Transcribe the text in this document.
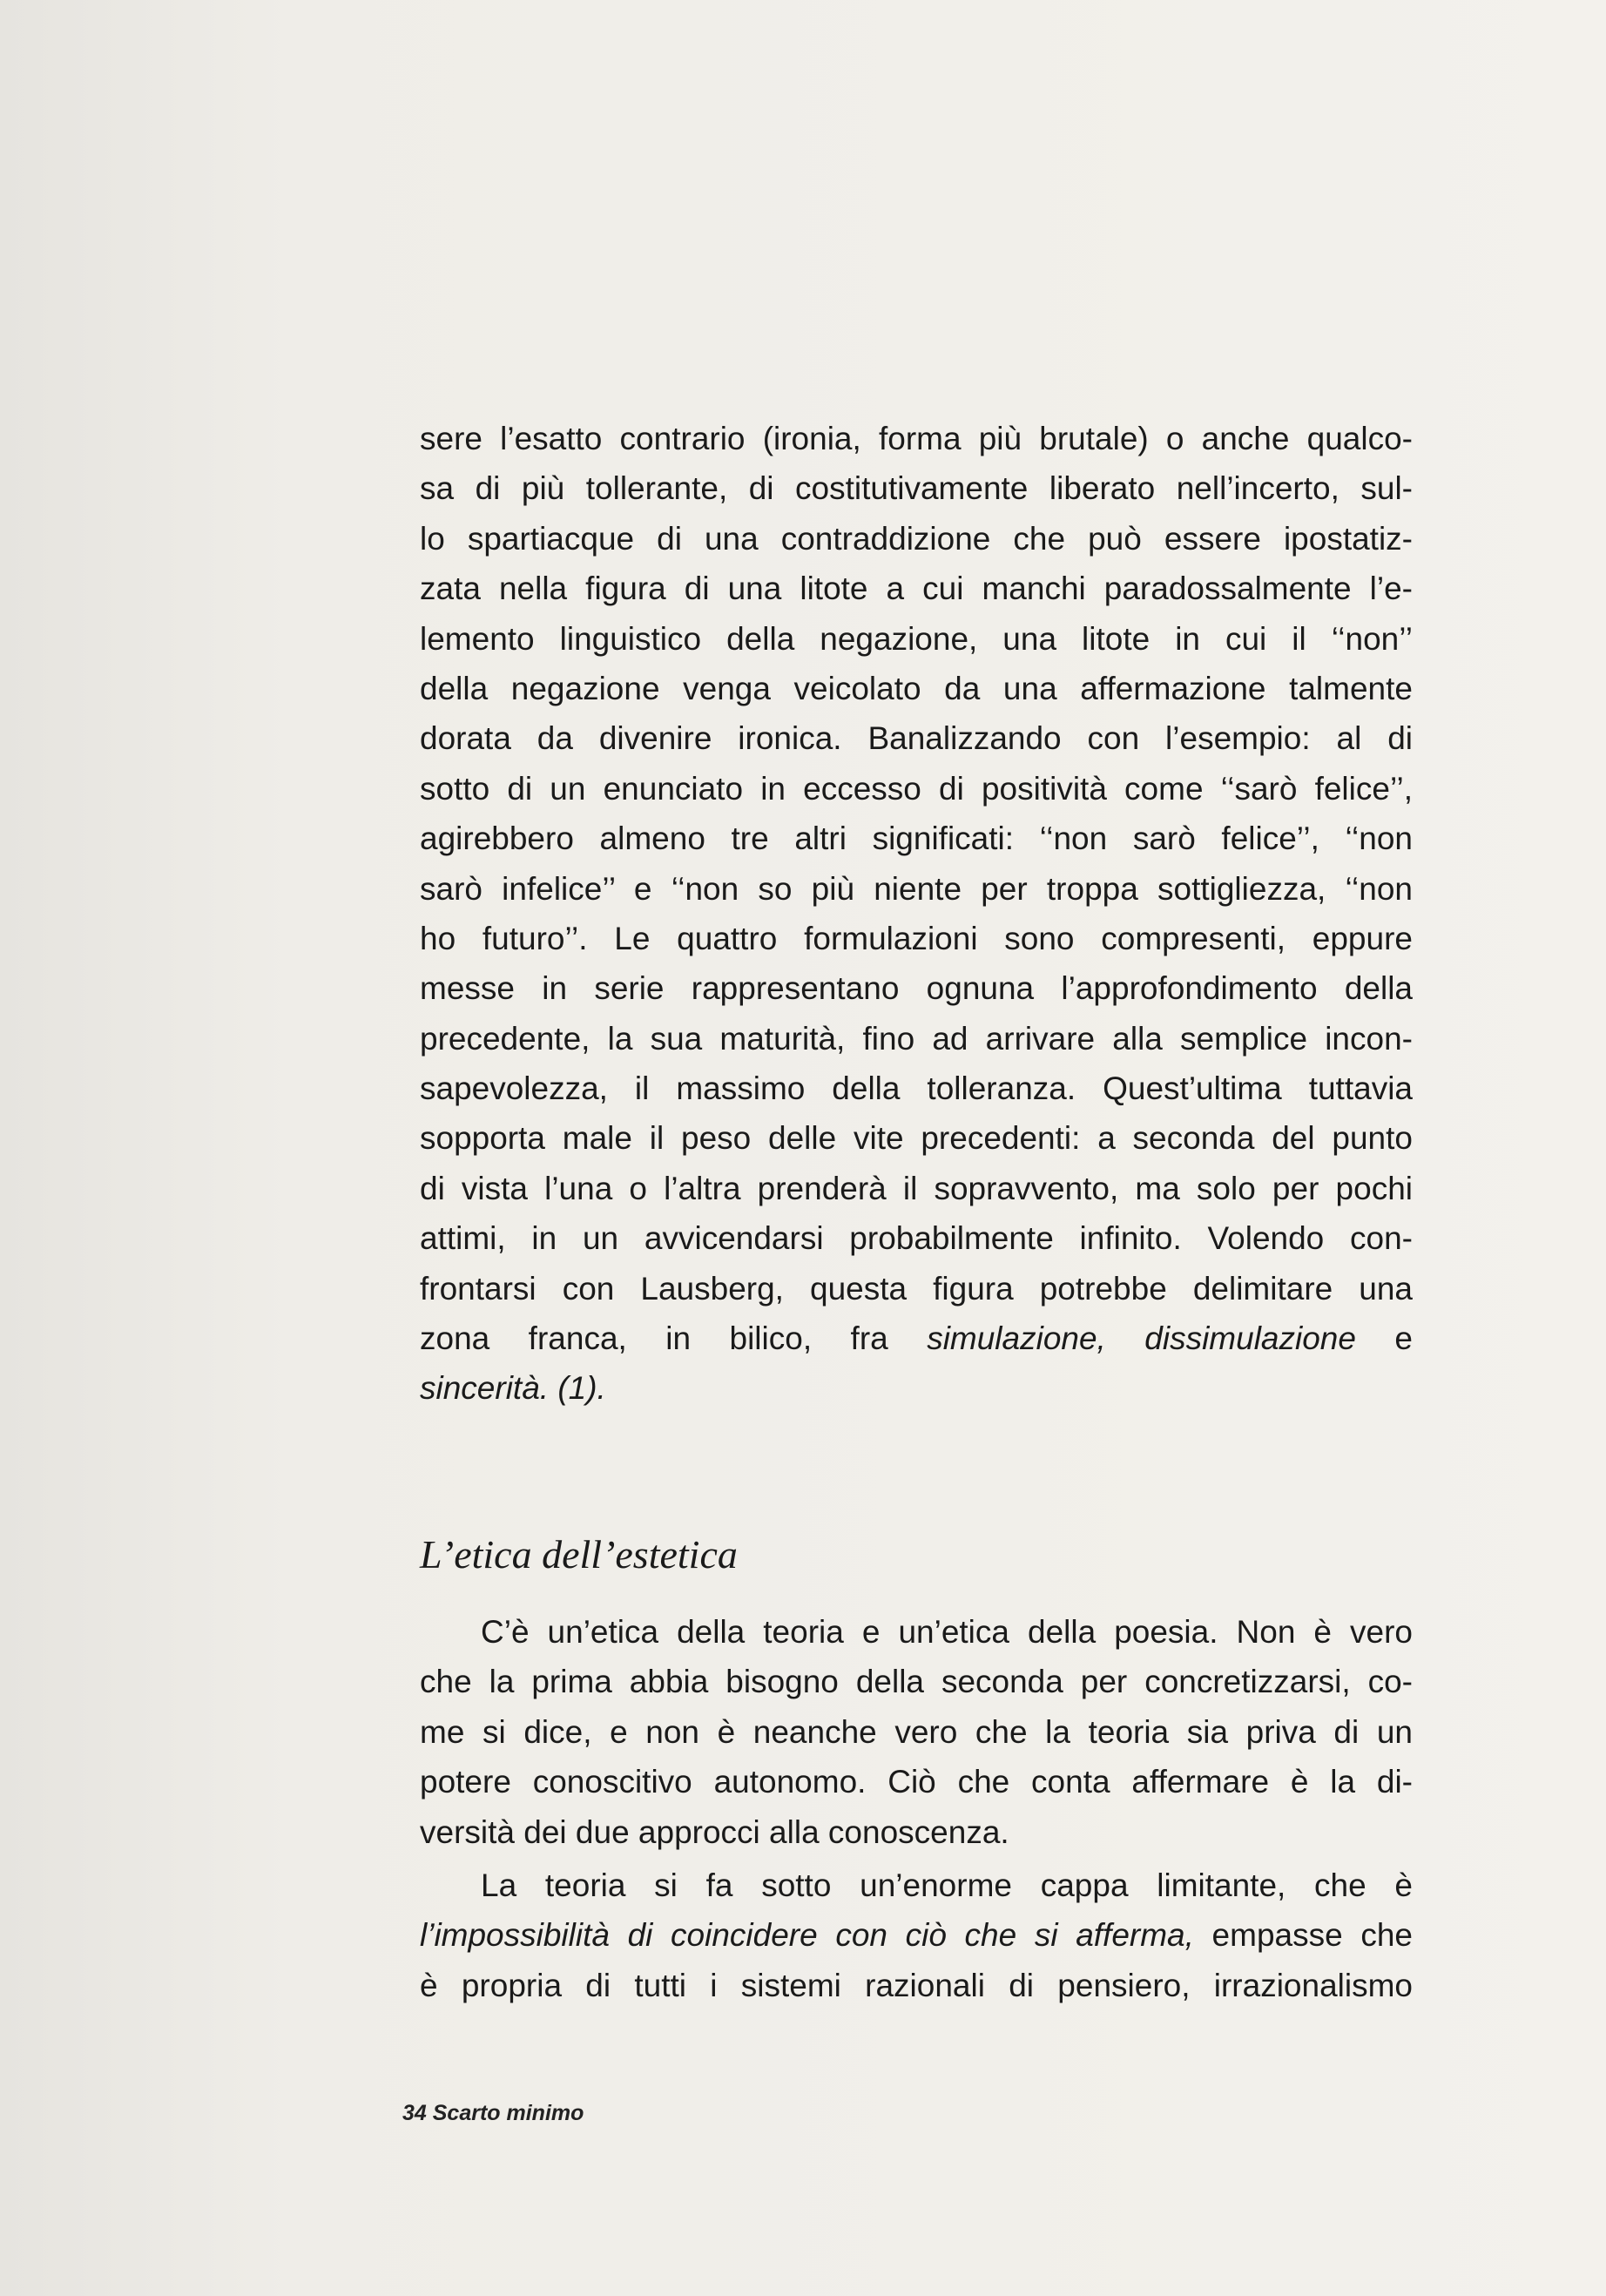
sere l’esatto contrario (ironia, forma più brutale) o anche qualco-
sa di più tollerante, di costitutivamente liberato nell’incerto, sul-
lo spartiacque di una contraddizione che può essere ipostatiz-
zata nella figura di una litote a cui manchi paradossalmente l’e-
lemento linguistico della negazione, una litote in cui il ‘‘non’’
della negazione venga veicolato da una affermazione talmente
dorata da divenire ironica. Banalizzando con l’esempio: al di
sotto di un enunciato in eccesso di positività come ‘‘sarò felice’’,
agirebbero almeno tre altri significati: ‘‘non sarò felice’’, ‘‘non
sarò infelice’’ e ‘‘non so più niente per troppa sottigliezza, ‘‘non
ho futuro’’. Le quattro formulazioni sono compresenti, eppure
messe in serie rappresentano ognuna l’approfondimento della
precedente, la sua maturità, fino ad arrivare alla semplice incon-
sapevolezza, il massimo della tolleranza. Quest’ultima tuttavia
sopporta male il peso delle vite precedenti: a seconda del punto
di vista l’una o l’altra prenderà il sopravvento, ma solo per pochi
attimi, in un avvicendarsi probabilmente infinito. Volendo con-
frontarsi con Lausberg, questa figura potrebbe delimitare una
zona franca, in bilico, fra simulazione, dissimulazione e
sincerità. (1).
L’etica dell’estetica
C’è un’etica della teoria e un’etica della poesia. Non è vero
che la prima abbia bisogno della seconda per concretizzarsi, co-
me si dice, e non è neanche vero che la teoria sia priva di un
potere conoscitivo autonomo. Ciò che conta affermare è la di-
versità dei due approcci alla conoscenza.
La teoria si fa sotto un’enorme cappa limitante, che è
l’impossibilità di coincidere con ciò che si afferma, empasse che
è propria di tutti i sistemi razionali di pensiero, irrazionalismo
34 Scarto minimo
